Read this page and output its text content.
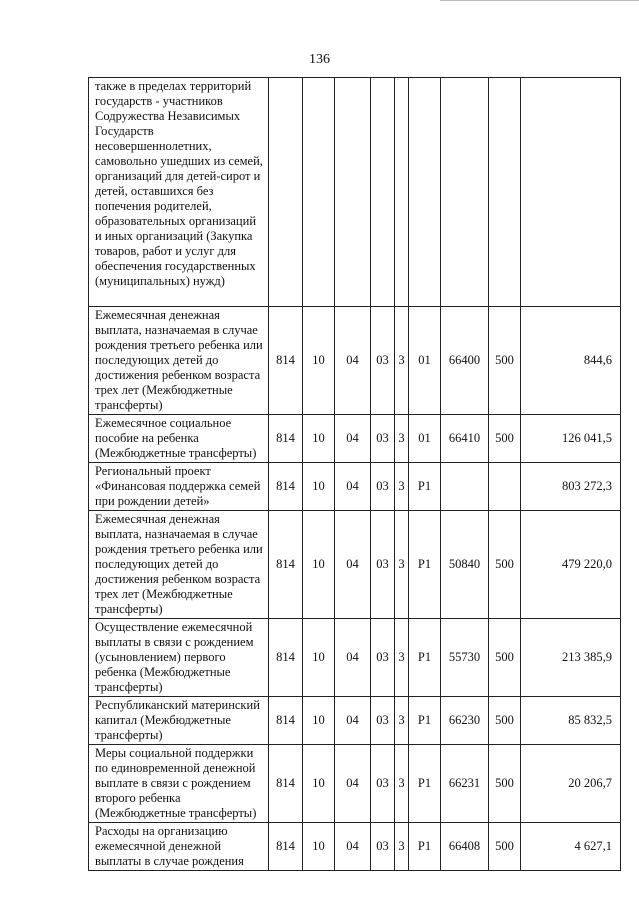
136
также в пределах территорий государств - участников Содружества Независимых Государств несовершеннолетних, самовольно ушедших из семей, организаций для детей-сирот и детей, оставшихся без попечения родителей, образовательных организаций и иных организаций (Закупка товаров, работ и услуг для обеспечения государственных (муниципальных) нужд)									
Ежемесячная денежная выплата, назначаемая в случае рождения третьего ребенка или последующих детей до достижения ребенком возраста трех лет (Межбюджетные трансферты)	814	10	04	03	3	01	66400	500	844,6
Ежемесячное социальное пособие на ребенка (Межбюджетные трансферты)	814	10	04	03	3	01	66410	500	126 041,5
Региональный проект «Финансовая поддержка семей при рождении детей»	814	10	04	03	3	P1			803 272,3
Ежемесячная денежная выплата, назначаемая в случае рождения третьего ребенка или последующих детей до достижения ребенком возраста трех лет (Межбюджетные трансферты)	814	10	04	03	3	P1	50840	500	479 220,0
Осуществление ежемесячной выплаты в связи с рождением (усыновлением) первого ребенка (Межбюджетные трансферты)	814	10	04	03	3	P1	55730	500	213 385,9
Республиканский материнский капитал (Межбюджетные трансферты)	814	10	04	03	3	P1	66230	500	85 832,5
Меры социальной поддержки по единовременной денежной выплате в связи с рождением второго ребенка (Межбюджетные трансферты)	814	10	04	03	3	P1	66231	500	20 206,7
Расходы на организацию ежемесячной денежной выплаты в случае рождения	814	10	04	03	3	P1	66408	500	4 627,1
